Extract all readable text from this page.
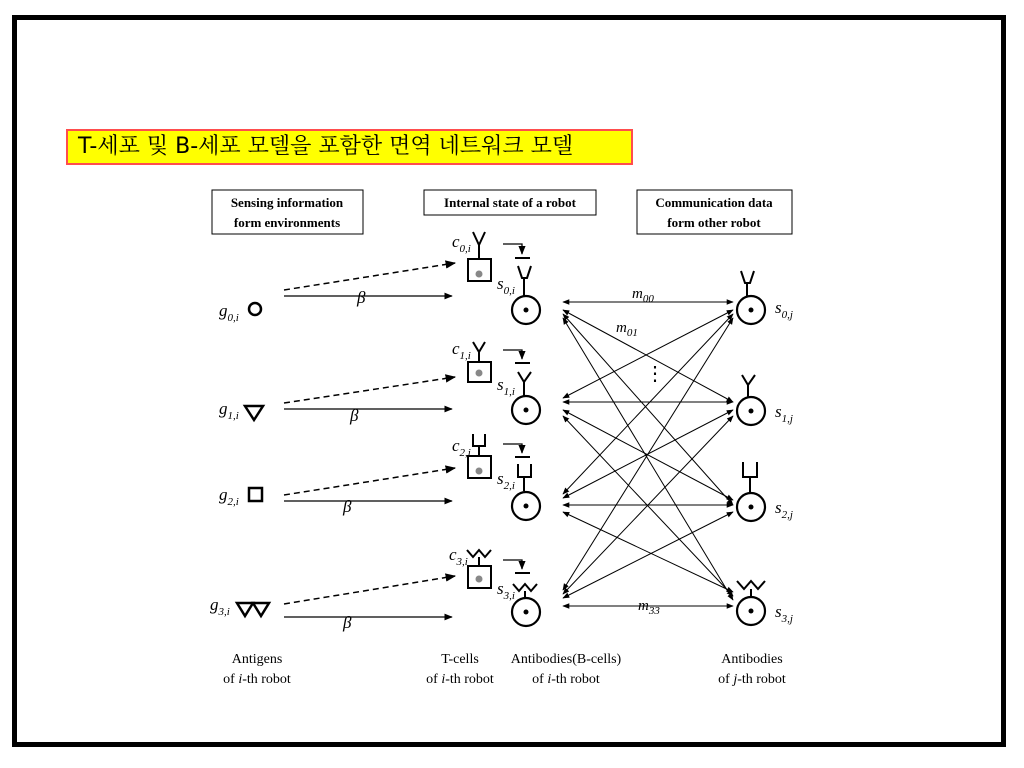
T-세포 및 B-세포 모델을 포함한 면역 네트워크 모델
Sensing information
form environments
Internal state of a robot	Communication data
form other robot
$g_{0,i}$
β
$c_{0,i}$
$s_{0,i}$
$s_{0,j}$
$g_{1,i}$	β
$c_{1,i}$
$s_{1,i}$
$s_{1,j}$
$g_{2,i}$	β
$c_{2,i}$
$s_{2,i}$
$s_{2,j}$
$g_{3,i}$
β
$c_{3,i}$
$s_{3,i}$
$s_{3,j}$
$m_{00}$
$m_{01}$
⋮
$m_{33}$
Antigens
of i-th robot
T-cells
of i-th robot
Antibodies(B-cells)
of i-th robot
Antibodies
of j-th robot
